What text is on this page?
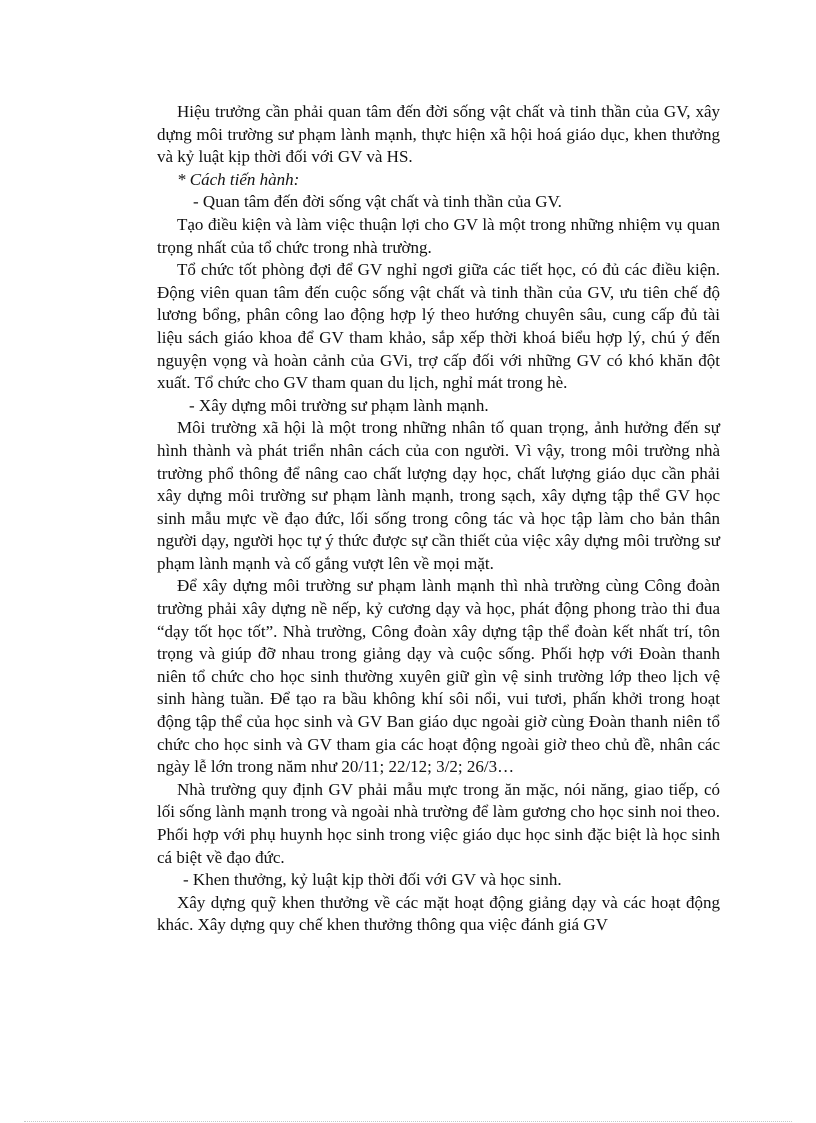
Hiệu trưởng cần phải quan tâm đến đời sống vật chất và tinh thần của GV, xây dựng môi trường sư phạm lành mạnh, thực hiện xã hội hoá giáo dục, khen thưởng và kỷ luật kịp thời đối với GV và HS.

* Cách tiến hành:

- Quan tâm đến đời sống vật chất và tinh thần của GV.

Tạo điều kiện và làm việc thuận lợi cho GV là một trong những nhiệm vụ quan trọng nhất của tổ chức trong nhà trường.

Tổ chức tốt phòng đợi để GV nghỉ ngơi giữa các tiết học, có đủ các điều kiện. Động viên quan tâm đến cuộc sống vật chất và tinh thần của GV, ưu tiên chế độ lương bổng, phân công lao động hợp lý theo hướng chuyên sâu, cung cấp đủ tài liệu sách giáo khoa để GV tham khảo, sắp xếp thời khoá biểu hợp lý, chú ý đến nguyện vọng và hoàn cảnh của GVi, trợ cấp đối với những GV có khó khăn đột xuất. Tổ chức cho GV tham quan du lịch, nghỉ mát trong hè.

- Xây dựng môi trường sư phạm lành mạnh.

Môi trường xã hội là một trong những nhân tố quan trọng, ảnh hưởng đến sự hình thành và phát triển nhân cách của con người. Vì vậy, trong môi trường nhà trường phổ thông để nâng cao chất lượng dạy học, chất lượng giáo dục cần phải xây dựng môi trường sư phạm lành mạnh, trong sạch, xây dựng tập thể GV học sinh mẫu mực về đạo đức, lối sống trong công tác và học tập làm cho bản thân người dạy, người học tự ý thức được sự cần thiết của việc xây dựng môi trường sư phạm lành mạnh và cố gắng vượt lên về mọi mặt.

Để xây dựng môi trường sư phạm lành mạnh thì nhà trường cùng Công đoàn trường phải xây dựng nề nếp, kỷ cương dạy và học, phát động phong trào thi đua “dạy tốt học tốt”. Nhà trường, Công đoàn xây dựng tập thể đoàn kết nhất trí, tôn trọng và giúp đỡ nhau trong giảng dạy và cuộc sống. Phối hợp với Đoàn thanh niên tổ chức cho học sinh thường xuyên giữ gìn vệ sinh trường lớp theo lịch vệ sinh hàng tuần. Để tạo ra bầu không khí sôi nổi, vui tươi, phấn khởi trong hoạt động tập thể của học sinh và GV Ban giáo dục ngoài giờ cùng Đoàn thanh niên tổ chức cho học sinh và GV tham gia các hoạt động ngoài giờ theo chủ đề, nhân các ngày lễ lớn trong năm như 20/11; 22/12; 3/2; 26/3…

Nhà trường quy định GV phải mẫu mực trong ăn mặc, nói năng, giao tiếp, có lối sống lành mạnh trong và ngoài nhà trường để làm gương cho học sinh noi theo. Phối hợp với phụ huynh học sinh trong việc giáo dục học sinh đặc biệt là học sinh cá biệt về đạo đức.

- Khen thưởng, kỷ luật kịp thời đối với GV và học sinh.

Xây dựng quỹ khen thưởng về các mặt hoạt động giảng dạy và các hoạt động khác. Xây dựng quy chế khen thưởng thông qua việc đánh giá GV
